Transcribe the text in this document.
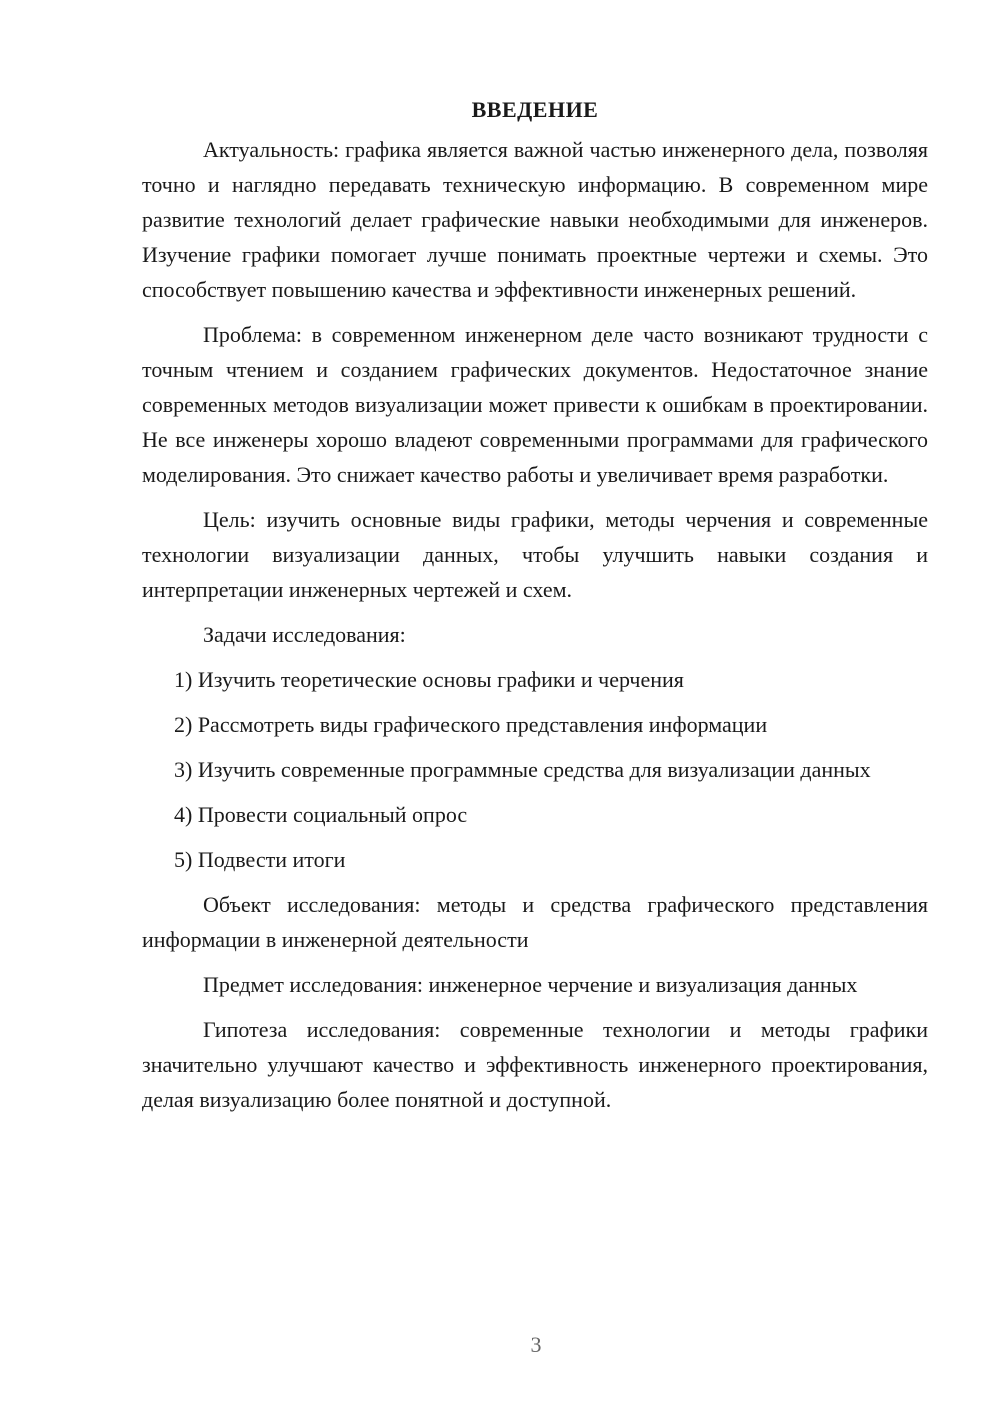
ВВЕДЕНИЕ

Актуальность: графика является важной частью инженерного дела, позволяя точно и наглядно передавать техническую информацию. В современном мире развитие технологий делает графические навыки необходимыми для инженеров. Изучение графики помогает лучше понимать проектные чертежи и схемы. Это способствует повышению качества и эффективности инженерных решений.

Проблема: в современном инженерном деле часто возникают трудности с точным чтением и созданием графических документов. Недостаточное знание современных методов визуализации может привести к ошибкам в проектировании. Не все инженеры хорошо владеют современными программами для графического моделирования. Это снижает качество работы и увеличивает время разработки.

Цель: изучить основные виды графики, методы черчения и современные технологии визуализации данных, чтобы улучшить навыки создания и интерпретации инженерных чертежей и схем.

Задачи исследования:

1) Изучить теоретические основы графики и черчения

2) Рассмотреть виды графического представления информации

3) Изучить современные программные средства для визуализации данных

4) Провести социальный опрос

5) Подвести итоги

Объект исследования: методы и средства графического представления информации в инженерной деятельности

Предмет исследования: инженерное черчение и визуализация данных

Гипотеза исследования: современные технологии и методы графики значительно улучшают качество и эффективность инженерного проектирования, делая визуализацию более понятной и доступной.

3
